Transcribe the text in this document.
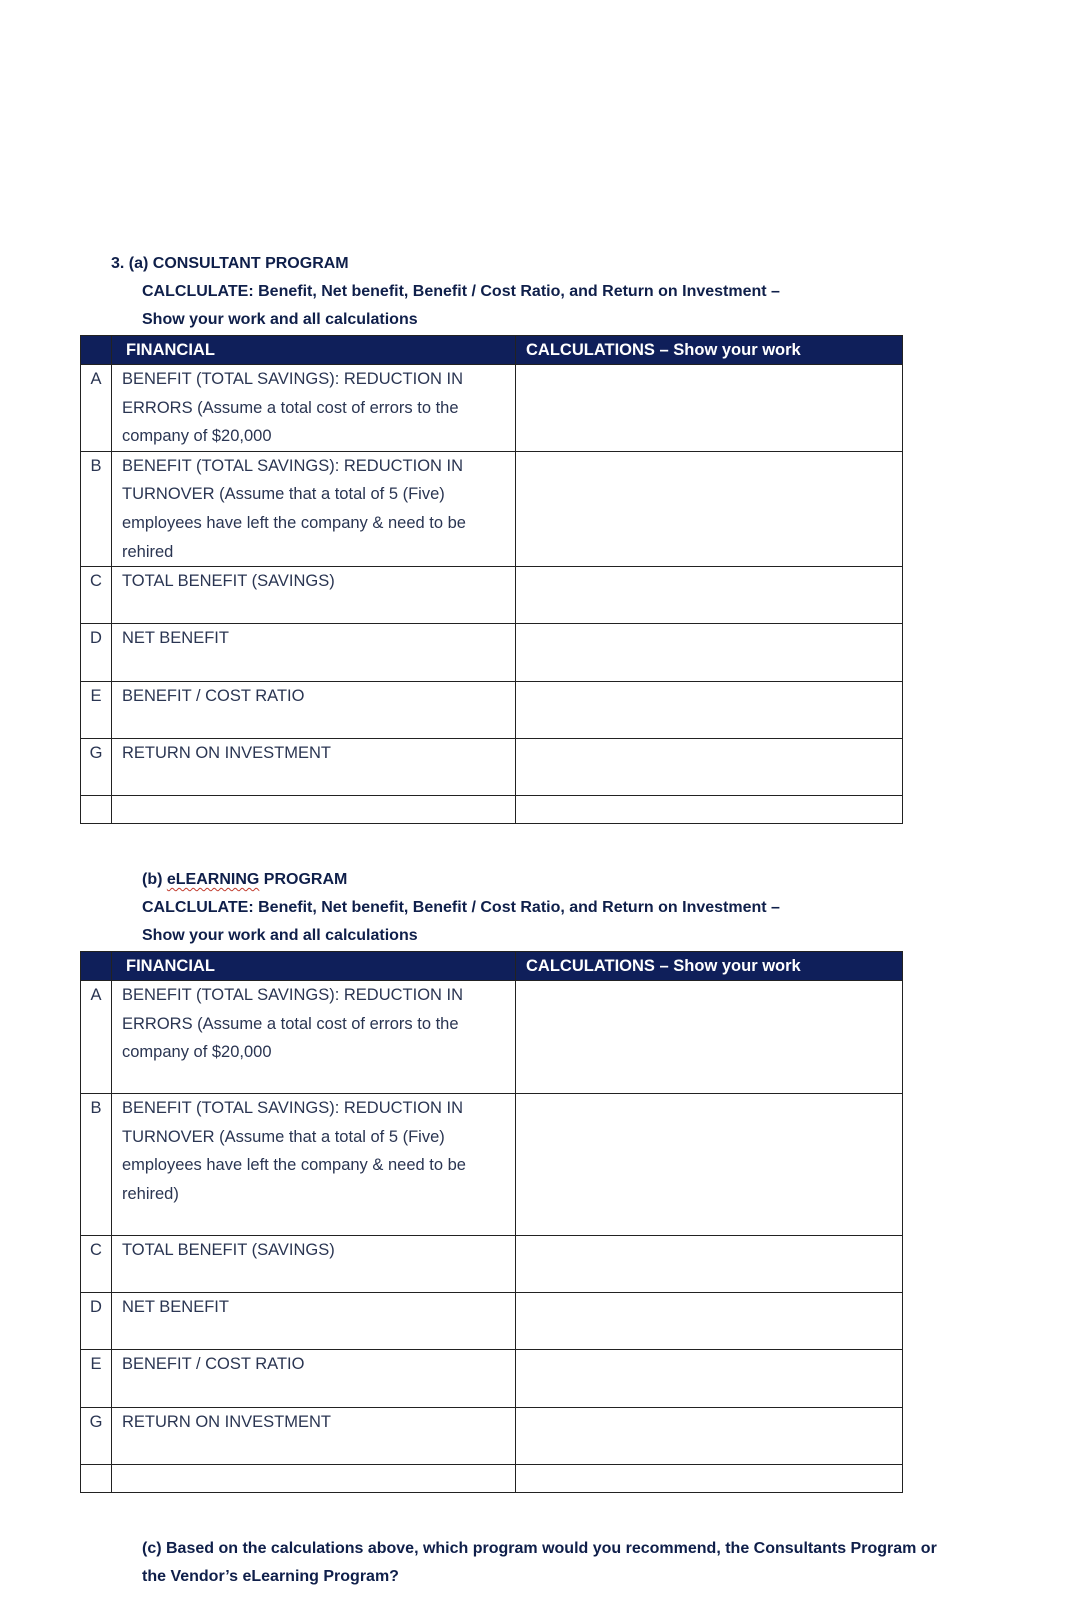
3. (a) CONSULTANT PROGRAM
CALCLULATE: Benefit, Net benefit, Benefit / Cost Ratio, and Return on Investment –
Show your work and all calculations

	FINANCIAL	CALCULATIONS – Show your work

A	BENEFIT (TOTAL SAVINGS): REDUCTION IN ERRORS (Assume a total cost of errors to the company of $20,000	
B	BENEFIT (TOTAL SAVINGS): REDUCTION IN TURNOVER (Assume that a total of 5 (Five) employees have left the company & need to be rehired	
C	TOTAL BENEFIT (SAVINGS)	
D	NET BENEFIT	
E	BENEFIT / COST RATIO	
G	RETURN ON INVESTMENT	

(b) eLEARNING PROGRAM
CALCLULATE: Benefit, Net benefit, Benefit / Cost Ratio, and Return on Investment –
Show your work and all calculations

	FINANCIAL	CALCULATIONS – Show your work

A	BENEFIT (TOTAL SAVINGS): REDUCTION IN ERRORS (Assume a total cost of errors to the company of $20,000	
B	BENEFIT (TOTAL SAVINGS): REDUCTION IN TURNOVER (Assume that a total of 5 (Five) employees have left the company & need to be rehired)	
C	TOTAL BENEFIT (SAVINGS)	
D	NET BENEFIT	
E	BENEFIT / COST RATIO	
G	RETURN ON INVESTMENT	

(c) Based on the calculations above, which program would you recommend, the Consultants Program or
the Vendor’s eLearning Program?
